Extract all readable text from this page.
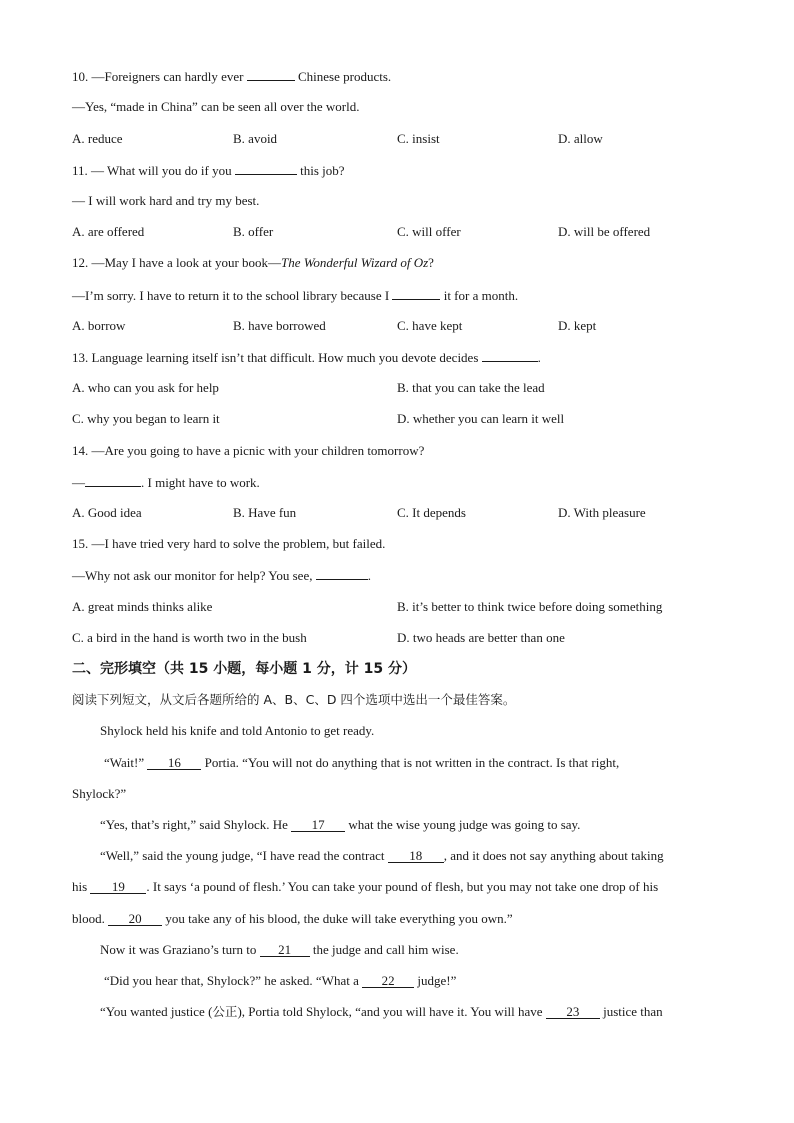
10. —Foreigners can hardly ever	Chinese products.
—Yes, “made in China” can be seen all over the world.
A. reduce	B. avoid	C. insist	D. allow
11. — What will you do if you	this job?
— I will work hard and try my best.
A. are offered	B. offer	C. will offer	D. will be offered
12. —May I have a look at your book—The Wonderful Wizard of Oz?
—I’m sorry. I have to return it to the school library because I	it for a month.
A. borrow	B. have borrowed	C. have kept	D. kept
13. Language learning itself isn’t that difficult. How much you devote decides	.
A. who can you ask for help	B. that you can take the lead
C. why you began to learn it	D. whether you can learn it well
14. —Are you going to have a picnic with your children tomorrow?
—	. I might have to work.
A. Good idea	B. Have fun	C. It depends	D. With pleasure
15. —I have tried very hard to solve the problem, but failed.
—Why not ask our monitor for help? You see,	.
A. great minds thinks alike	B. it’s better to think twice before doing something
C. a bird in the hand is worth two in the bush	D. two heads are better than one
二、完形填空（共 15 小题，每小题 1 分，计 15 分）
阅读下列短文，从文后各题所给的 A、B、C、D 四个选项中选出一个最佳答案。
Shylock held his knife and told Antonio to get ready.
“Wait!” 16 Portia. “You will not do anything that is not written in the contract. Is that right,
Shylock?”
“Yes, that’s right,” said Shylock. He 17 what the wise young judge was going to say.
“Well,” said the young judge, “I have read the contract 18 , and it does not say anything about taking
his 19 . It says ‘a pound of flesh.’ You can take your pound of flesh, but you may not take one drop of his
blood. 20 you take any of his blood, the duke will take everything you own.”
Now it was Graziano’s turn to 21 the judge and call him wise.
“Did you hear that, Shylock?” he asked. “What a 22 judge!”
“You wanted justice (公正), Portia told Shylock, “and you will have it. You will have 23 justice than
